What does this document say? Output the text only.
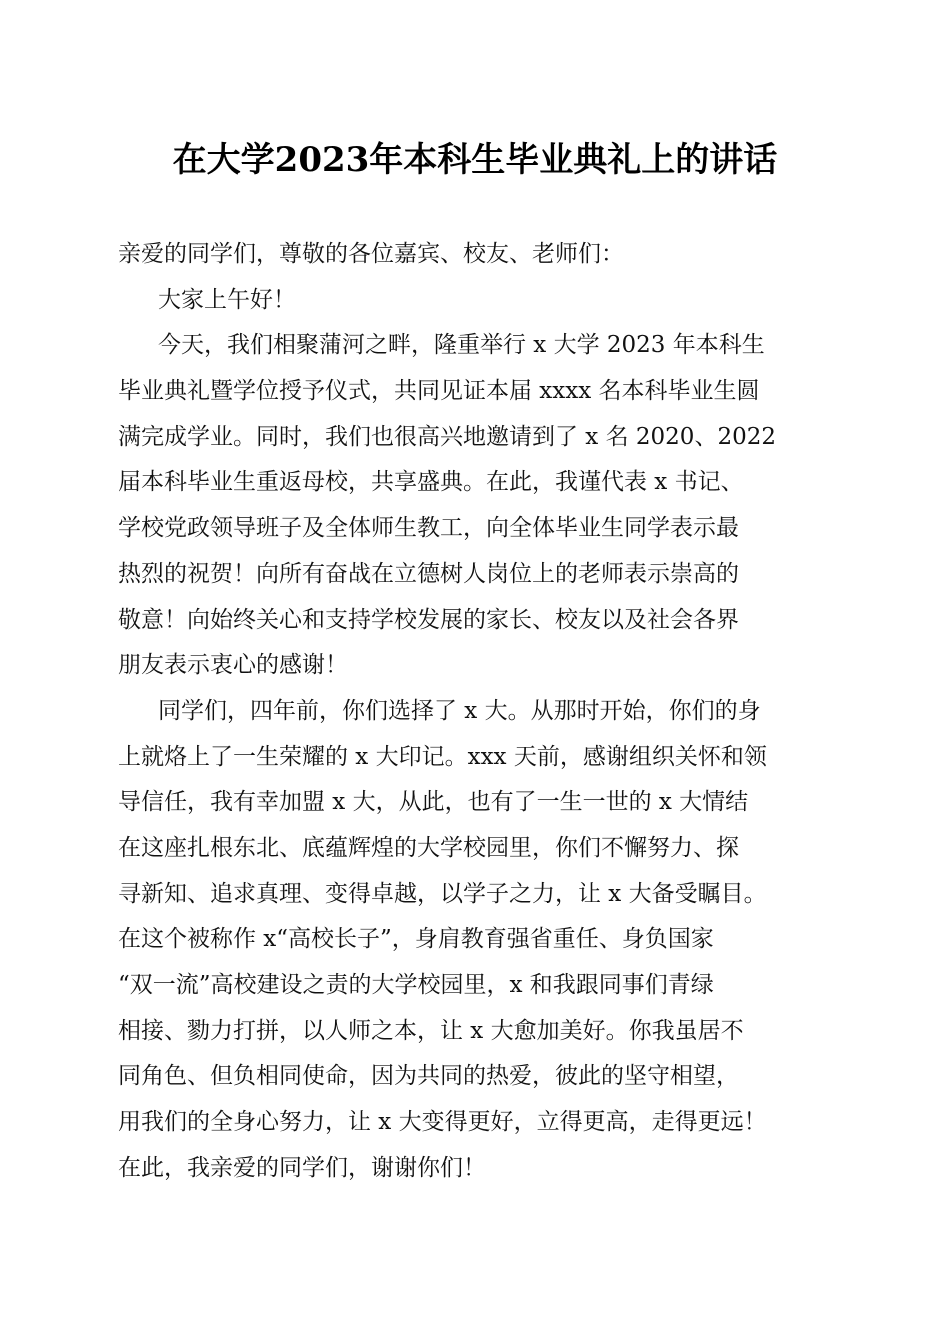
在大学2023年本科生毕业典礼上的讲话
亲爱的同学们，尊敬的各位嘉宾、校友、老师们：
大家上午好！
今天，我们相聚蒲河之畔，隆重举行 x 大学 2023 年本科生
毕业典礼暨学位授予仪式，共同见证本届 xxxx 名本科毕业生圆
满完成学业。同时，我们也很高兴地邀请到了 x 名 2020、2022
届本科毕业生重返母校，共享盛典。在此，我谨代表 x 书记、
学校党政领导班子及全体师生教工，向全体毕业生同学表示最
热烈的祝贺！向所有奋战在立德树人岗位上的老师表示崇高的
敬意！向始终关心和支持学校发展的家长、校友以及社会各界
朋友表示衷心的感谢！
同学们，四年前，你们选择了 x 大。从那时开始，你们的身
上就烙上了一生荣耀的 x 大印记。xxx 天前，感谢组织关怀和领
导信任，我有幸加盟 x 大，从此，也有了一生一世的 x 大情结
在这座扎根东北、底蕴辉煌的大学校园里，你们不懈努力、探
寻新知、追求真理、变得卓越，以学子之力，让 x 大备受瞩目。
在这个被称作 x“高校长子”，身肩教育强省重任、身负国家
“双一流”高校建设之责的大学校园里，x 和我跟同事们青绿
相接、勠力打拼，以人师之本，让 x 大愈加美好。你我虽居不
同角色、但负相同使命，因为共同的热爱，彼此的坚守相望，
用我们的全身心努力，让 x 大变得更好，立得更高，走得更远！
在此，我亲爱的同学们，谢谢你们！
